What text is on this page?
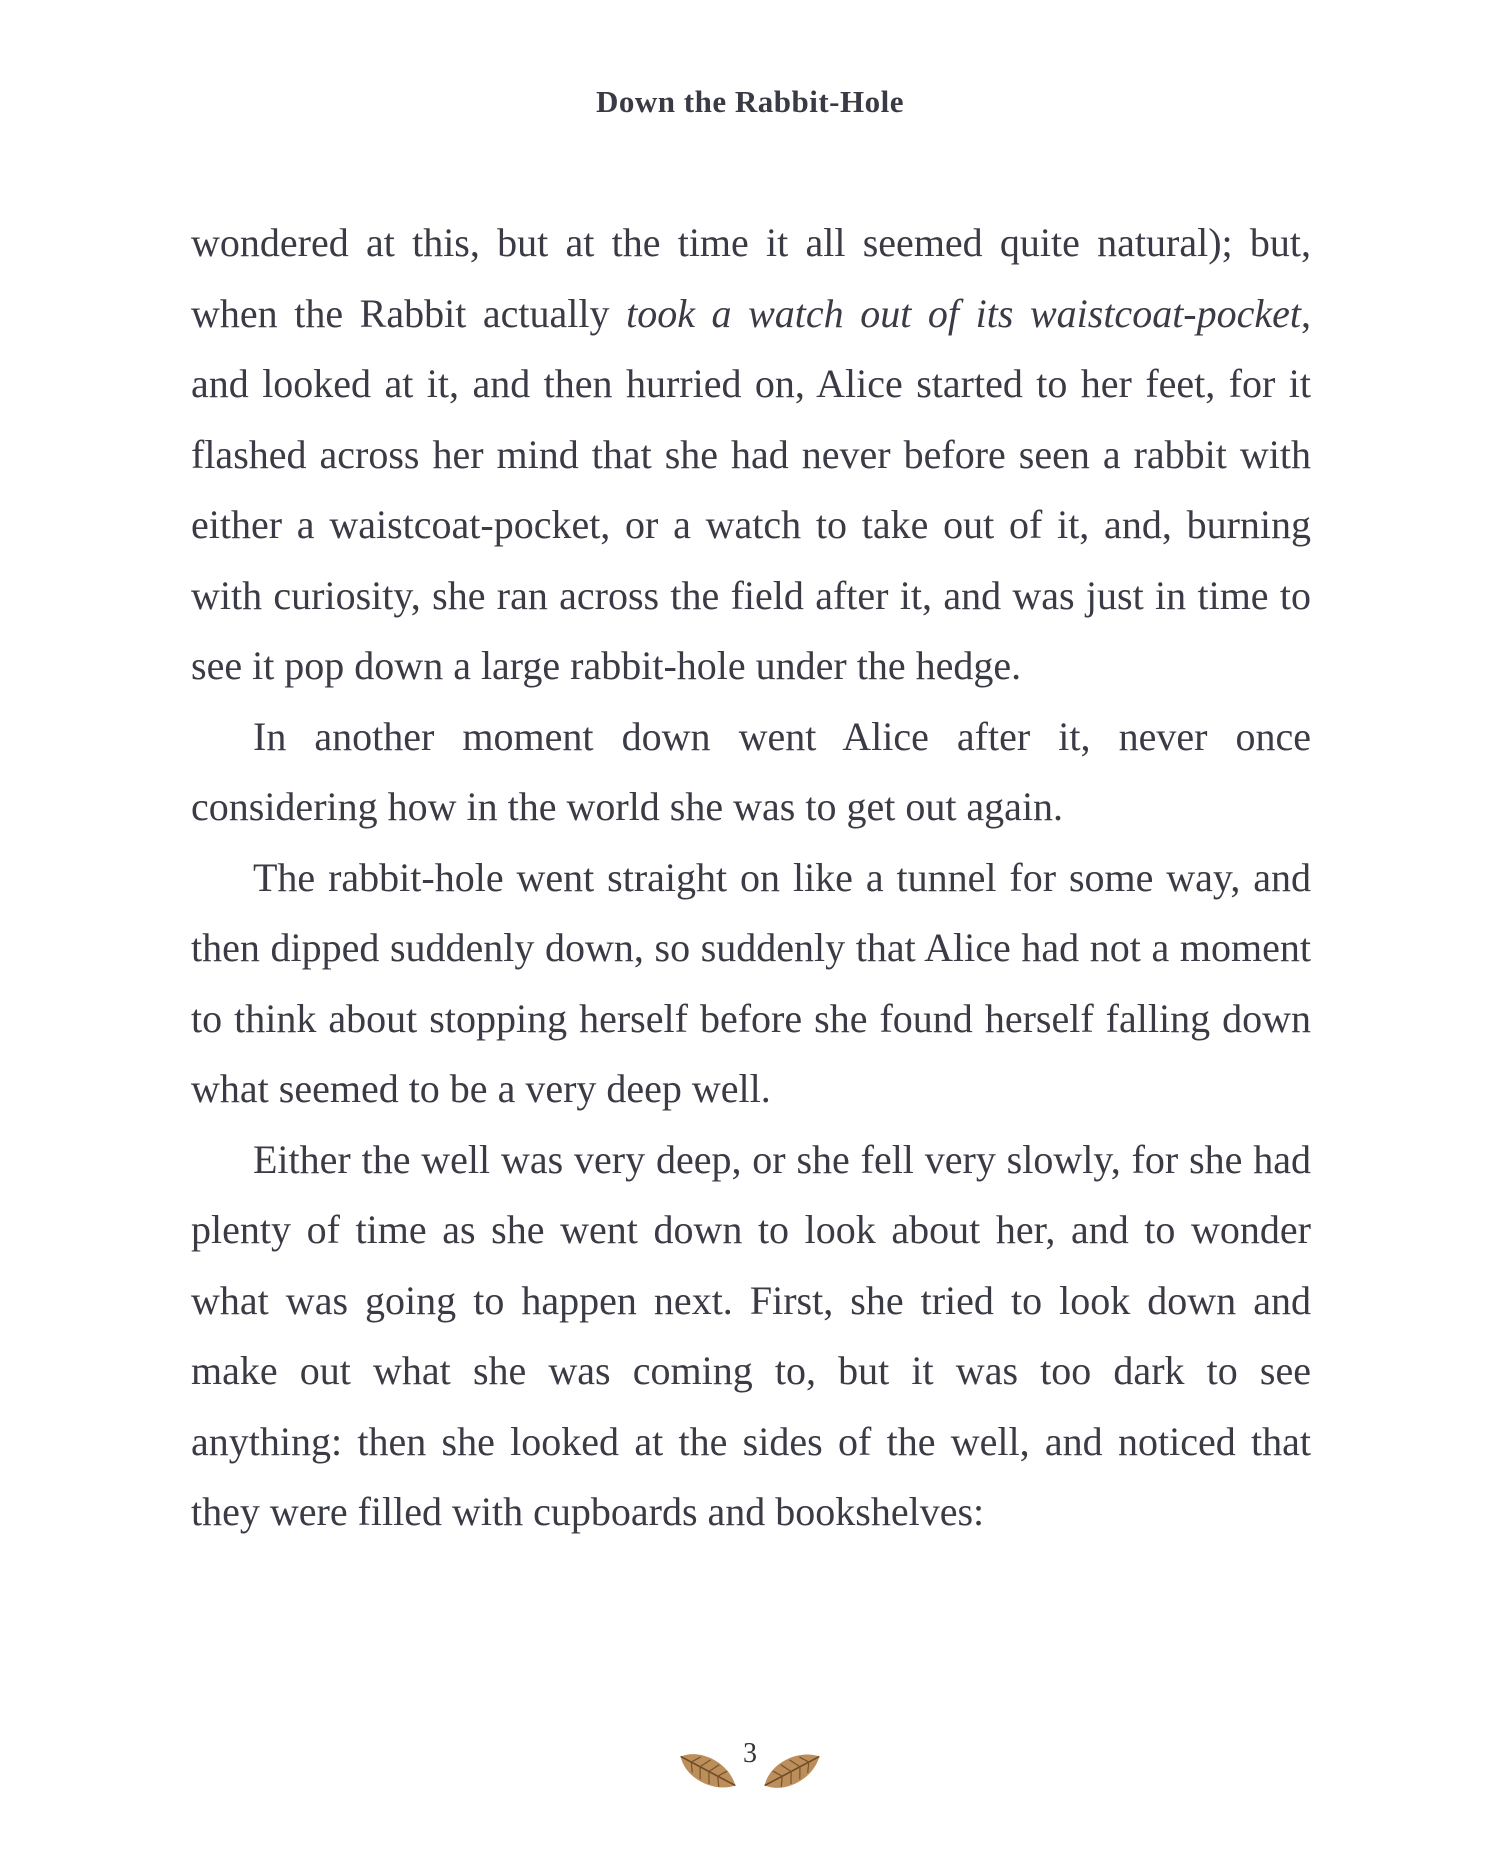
Down the Rabbit-Hole

wondered at this, but at the time it all seemed quite natural); but, when the Rabbit actually took a watch out of its waistcoat-pocket, and looked at it, and then hurried on, Alice started to her feet, for it flashed across her mind that she had never before seen a rabbit with either a waistcoat-pocket, or a watch to take out of it, and, burning with curiosity, she ran across the field after it, and was just in time to see it pop down a large rabbit-hole under the hedge.

In another moment down went Alice after it, never once considering how in the world she was to get out again.

The rabbit-hole went straight on like a tunnel for some way, and then dipped suddenly down, so suddenly that Alice had not a moment to think about stopping herself before she found herself falling down what seemed to be a very deep well.

Either the well was very deep, or she fell very slowly, for she had plenty of time as she went down to look about her, and to wonder what was going to happen next. First, she tried to look down and make out what she was coming to, but it was too dark to see anything: then she looked at the sides of the well, and noticed that they were filled with cupboards and bookshelves:

3
